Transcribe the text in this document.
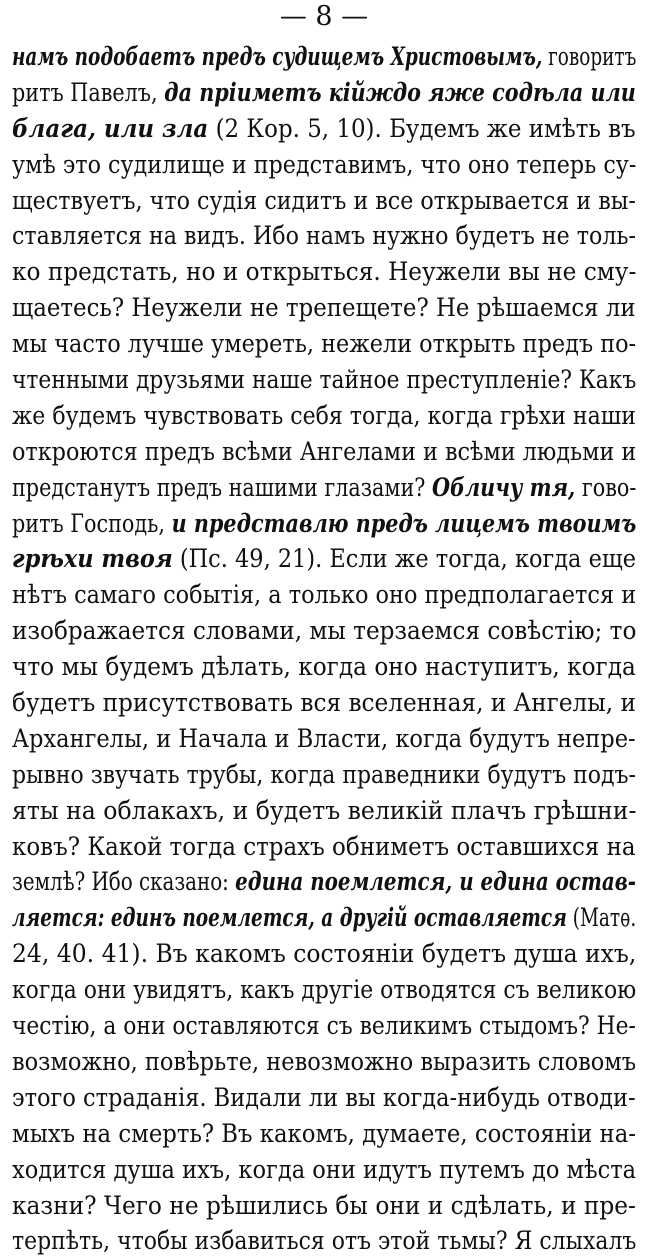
— 8 —
намъ подобаетъ предъ судищемъ Христовымъ, говоритъ
ритъ Павелъ, да пріиметъ кійждо яже содѣла или
блага, или зла (2 Кор. 5, 10). Будемъ же имѣть въ
умѣ это судилище и представимъ, что оно теперь су-
ществуетъ, что судія сидитъ и все открывается и вы-
ставляется на видъ. Ибо намъ нужно будетъ не толь-
ко предстать, но и открыться. Неужели вы не сму-
щаетесь? Неужели не трепещете? Не рѣшаемся ли
мы часто лучше умереть, нежели открыть предъ по-
чтенными друзьями наше тайное преступленіе? Какъ
же будемъ чувствовать себя тогда, когда грѣхи наши
откроются предъ всѣми Ангелами и всѣми людьми и
предстанутъ предъ нашими глазами? Обличу тя, гово-
ритъ Господь, и представлю предъ лицемъ твоимъ
грѣхи твоя (Пс. 49, 21). Если же тогда, когда еще
нѣтъ самаго событія, а только оно предполагается и
изображается словами, мы терзаемся совѣстію; то
что мы будемъ дѣлать, когда оно наступитъ, когда
будетъ присутствовать вся вселенная, и Ангелы, и
Архангелы, и Начала и Власти, когда будутъ непре-
рывно звучать трубы, когда праведники будутъ подъ-
яты на облакахъ, и будетъ великій плачъ грѣшни-
ковъ? Какой тогда страхъ обниметъ оставшихся на
землѣ? Ибо сказано: едина поемлется, и едина остав-
ляется: единъ поемлется, а другій оставляется (Матѳ.
24, 40. 41). Въ какомъ состояніи будетъ душа ихъ,
когда они увидятъ, какъ другіе отводятся съ великою
честію, а они оставляются съ великимъ стыдомъ? Не-
возможно, повѣрьте, невозможно выразить словомъ
этого страданія. Видали ли вы когда-нибудь отводи-
мыхъ на смерть? Въ какомъ, думаете, состояніи на-
ходится душа ихъ, когда они идутъ путемъ до мѣста
казни? Чего не рѣшились бы они и сдѣлать, и пре-
терпѣть, чтобы избавиться отъ этой тьмы? Я слыхалъ
